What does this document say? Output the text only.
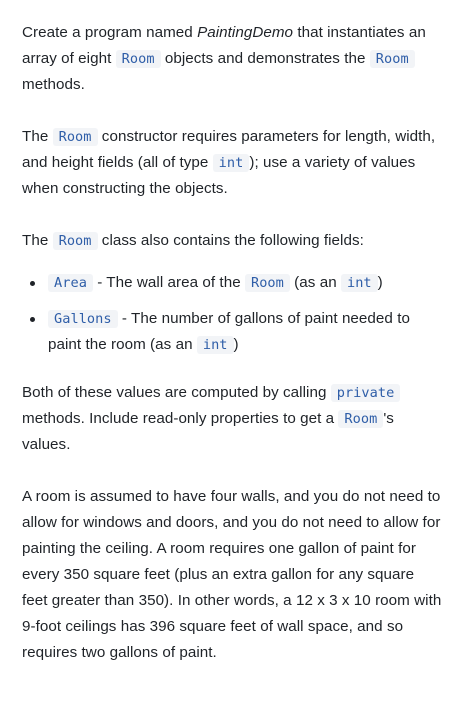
Create a program named PaintingDemo that instantiates an array of eight Room objects and demonstrates the Room methods.

The Room constructor requires parameters for length, width, and height fields (all of type int ); use a variety of values when constructing the objects.

The Room class also contains the following fields:

Area - The wall area of the Room (as an int )
Gallons - The number of gallons of paint needed to paint the room (as an int )

Both of these values are computed by calling private methods. Include read-only properties to get a Room 's values.

A room is assumed to have four walls, and you do not need to allow for windows and doors, and you do not need to allow for painting the ceiling. A room requires one gallon of paint for every 350 square feet (plus an extra gallon for any square feet greater than 350). In other words, a 12 x 3 x 10 room with 9-foot ceilings has 396 square feet of wall space, and so requires two gallons of paint.
